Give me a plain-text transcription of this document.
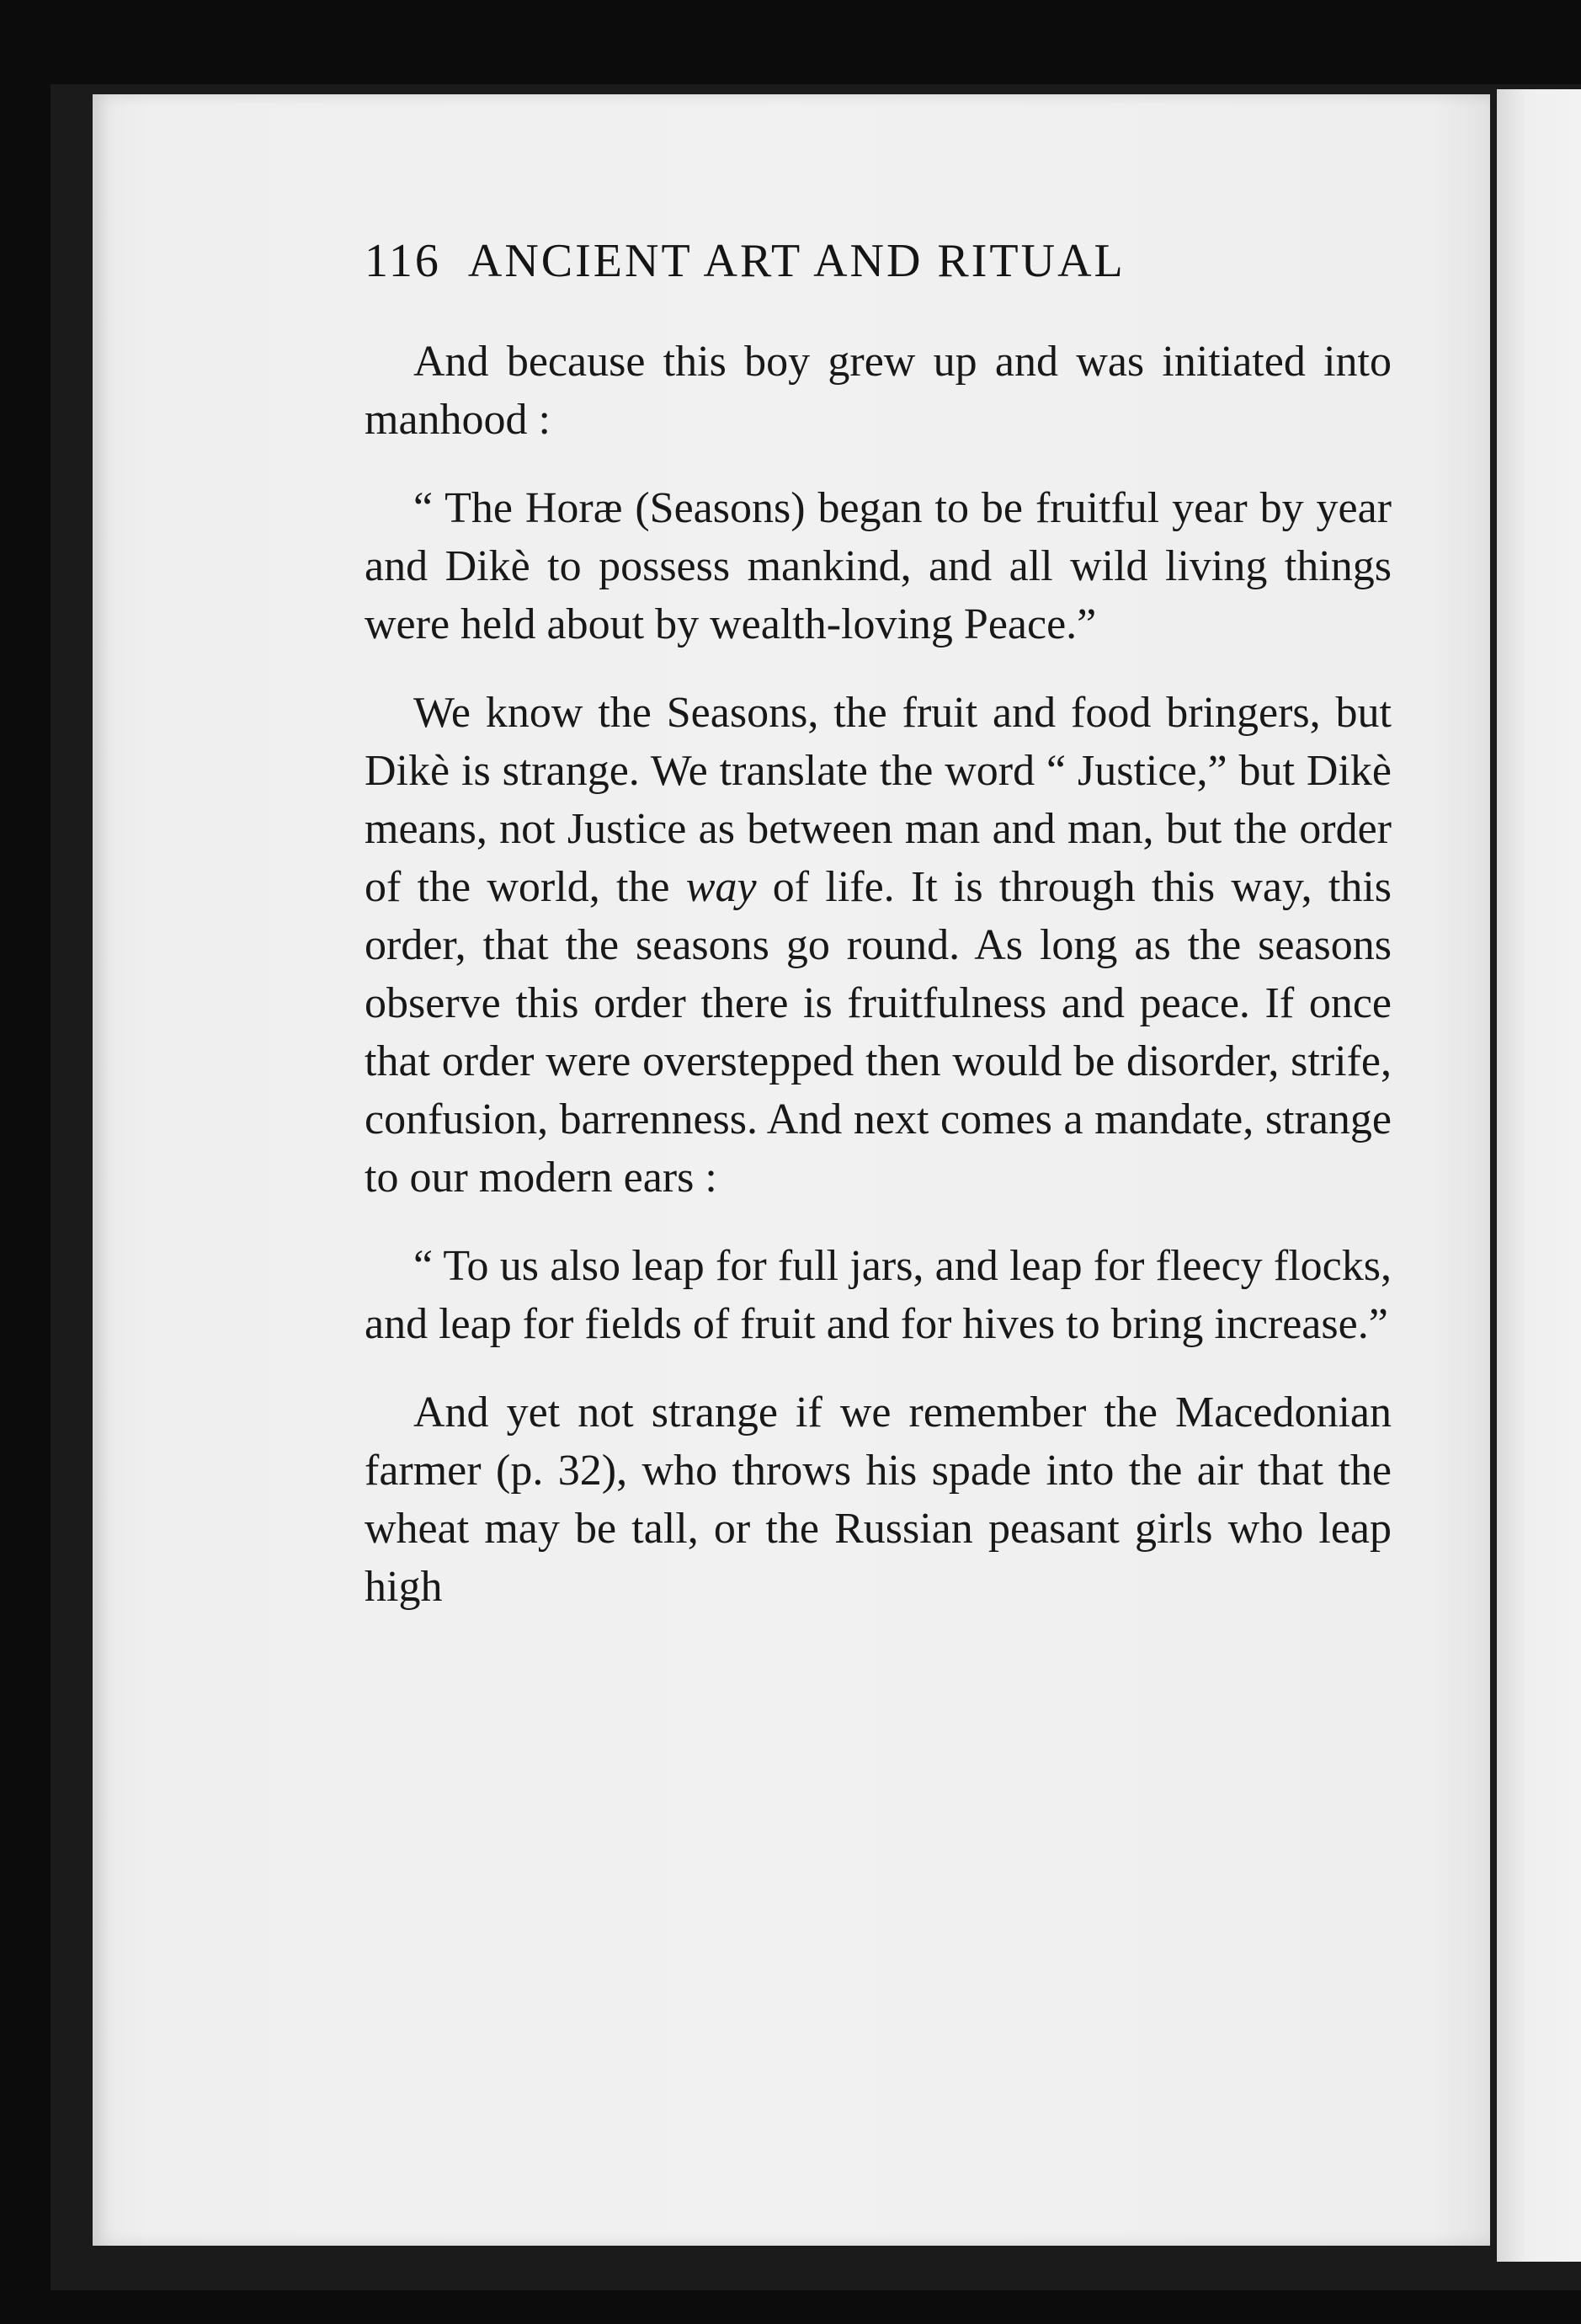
116 ANCIENT ART AND RITUAL

And because this boy grew up and was initiated into manhood :

“ The Horæ (Seasons) began to be fruitful year by year and Dikè to possess mankind, and all wild living things were held about by wealth-loving Peace.”

We know the Seasons, the fruit and food bringers, but Dikè is strange. We translate the word “ Justice,” but Dikè means, not Justice as between man and man, but the order of the world, the way of life. It is through this way, this order, that the seasons go round. As long as the seasons observe this order there is fruitfulness and peace. If once that order were overstepped then would be disorder, strife, confusion, barrenness. And next comes a mandate, strange to our modern ears :

“ To us also leap for full jars, and leap for fleecy flocks, and leap for fields of fruit and for hives to bring increase.”

And yet not strange if we remember the Macedonian farmer (p. 32), who throws his spade into the air that the wheat may be tall, or the Russian peasant girls who leap high
